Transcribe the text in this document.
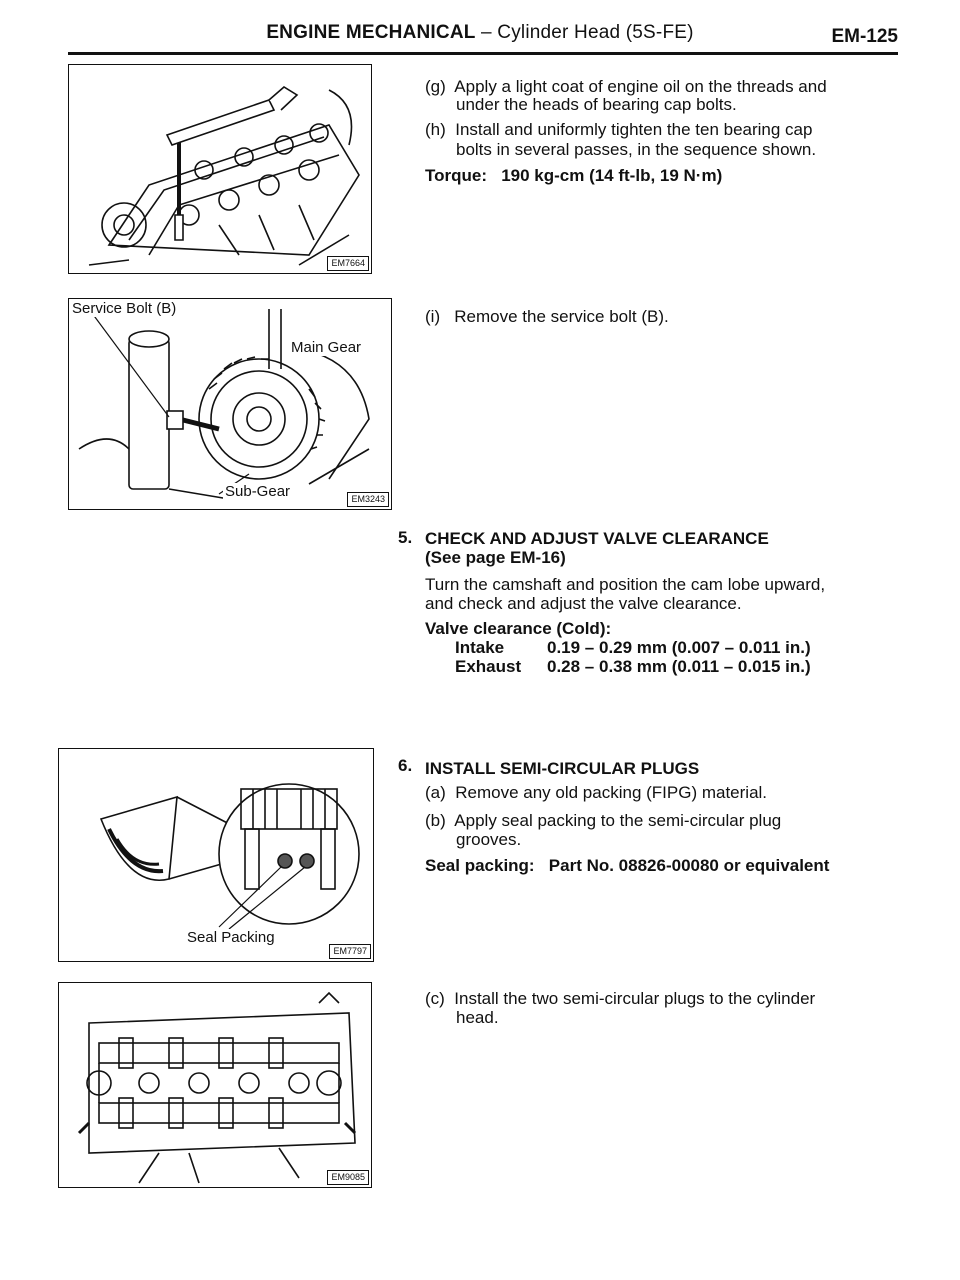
ENGINE MECHANICAL – Cylinder Head (5S-FE)	EM-125
EM7664
Service Bolt (B)
Main Gear
Sub-Gear	EM3243
Seal Packing
EM7797
EM9085
(g) Apply a light coat of engine oil on the threads and
under the heads of bearing cap bolts.
(h) Install and uniformly tighten the ten bearing cap
bolts in several passes, in the sequence shown.
Torque: 190 kg-cm (14 ft-lb, 19 N·m)
(i) Remove the service bolt (B).
5. CHECK AND ADJUST VALVE CLEARANCE
(See page EM-16)
Turn the camshaft and position the cam lobe upward,
and check and adjust the valve clearance.
Valve clearance (Cold):
Intake	0.19 – 0.29 mm (0.007 – 0.011 in.)
Exhaust	0.28 – 0.38 mm (0.011 – 0.015 in.)
6. INSTALL SEMI-CIRCULAR PLUGS
(a) Remove any old packing (FIPG) material.
(b) Apply seal packing to the semi-circular plug
grooves.
Seal packing: Part No. 08826-00080 or equivalent
(c) Install the two semi-circular plugs to the cylinder
head.
